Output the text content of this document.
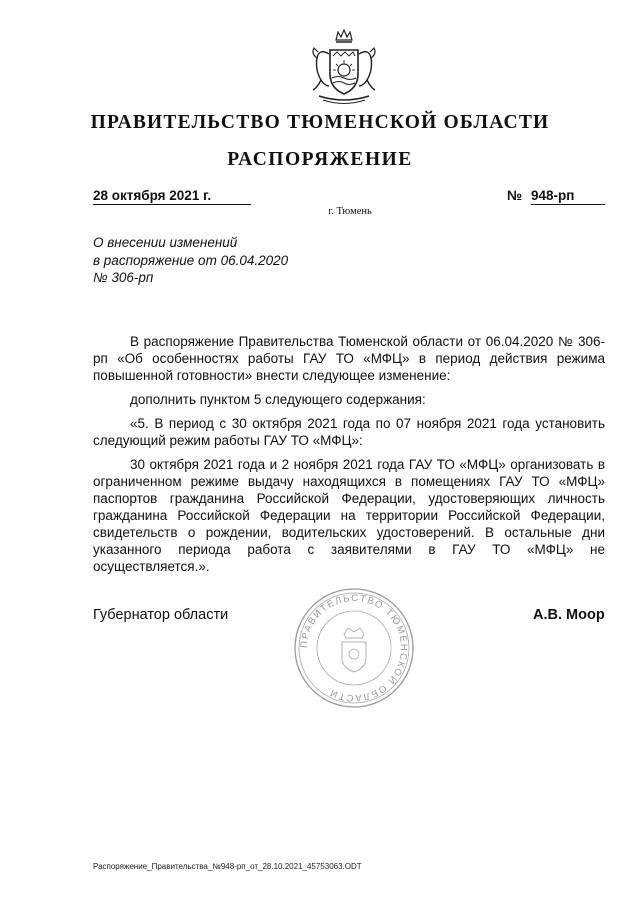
ПРАВИТЕЛЬСТВО ТЮМЕНСКОЙ ОБЛАСТИ
РАСПОРЯЖЕНИЕ
28 октября 2021 г.	№ 948-рп
г. Тюмень
О внесении изменений
в распоряжение от 06.04.2020
№ 306-рп

В распоряжение Правительства Тюменской области от 06.04.2020 № 306-рп «Об особенностях работы ГАУ ТО «МФЦ» в период действия режима повышенной готовности» внести следующее изменение:

дополнить пунктом 5 следующего содержания:

«5. В период с 30 октября 2021 года по 07 ноября 2021 года установить следующий режим работы ГАУ ТО «МФЦ»:

30 октября 2021 года и 2 ноября 2021 года ГАУ ТО «МФЦ» организовать в ограниченном режиме выдачу находящихся в помещениях ГАУ ТО «МФЦ» паспортов гражданина Российской Федерации, удостоверяющих личность гражданина Российской Федерации на территории Российской Федерации, свидетельств о рождении, водительских удостоверений. В остальные дни указанного периода работа с заявителями в ГАУ ТО «МФЦ» не осуществляется.».

ПРАВИТЕЛЬСТВО ТЮМЕНСКОЙ ОБЛАСТИ
Губернатор области	А.В. Моор
Распоряжение_Правительства_№948-рп_от_28.10.2021_45753063.ODT
